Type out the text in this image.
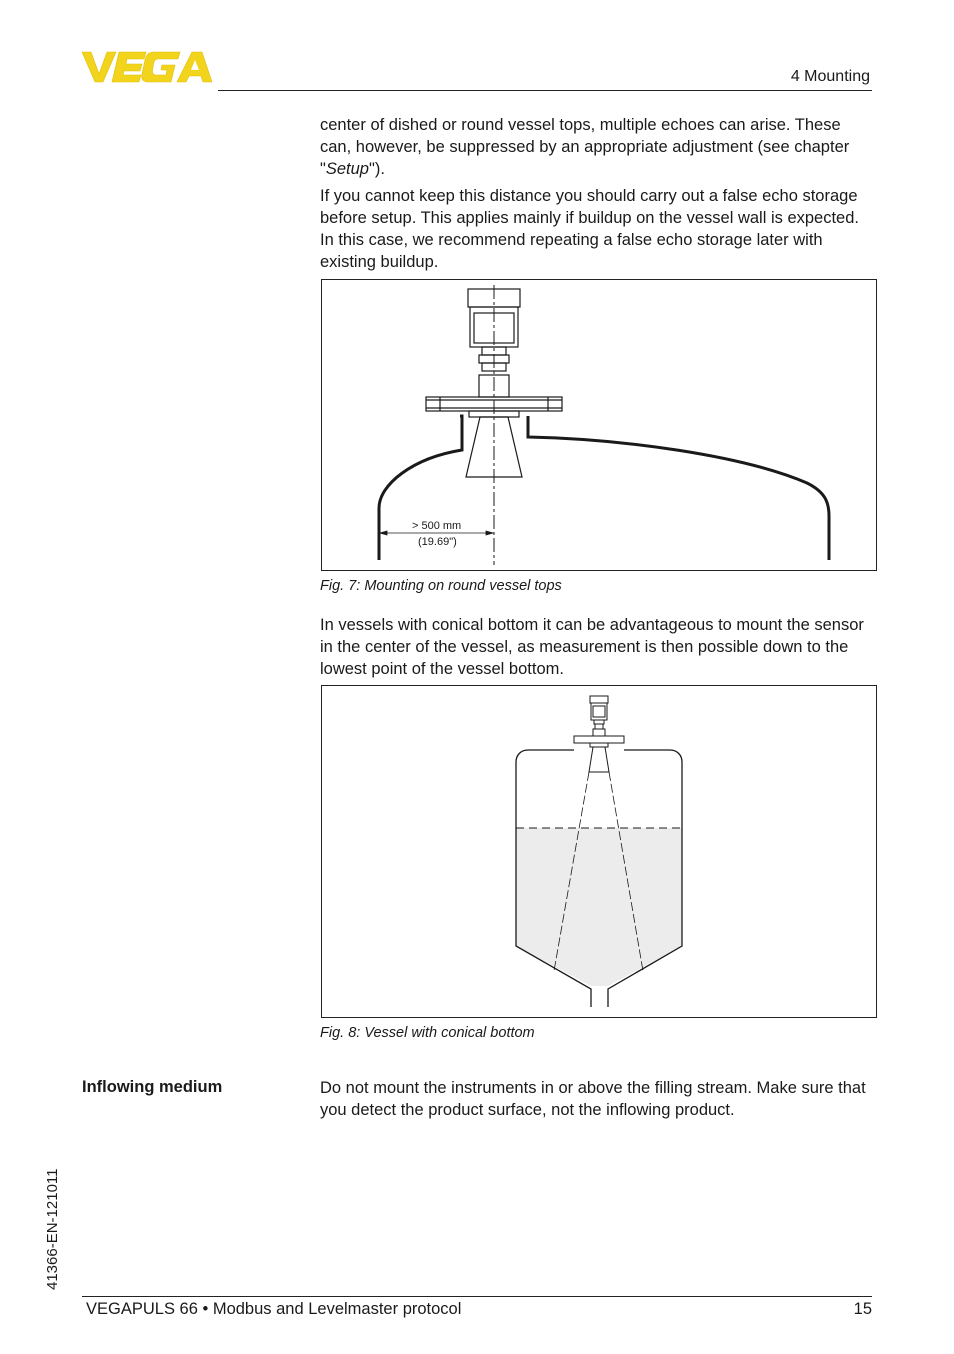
4 Mounting

center of dished or round vessel tops, multiple echoes can arise. These can, however, be suppressed by an appropriate adjustment (see chapter "Setup").

If you cannot keep this distance you should carry out a false echo storage before setup. This applies mainly if buildup on the vessel wall is expected. In this case, we recommend repeating a false echo storage later with existing buildup.

> 500 mm
(19.69")
Fig. 7: Mounting on round vessel tops

In vessels with conical bottom it can be advantageous to mount the sensor in the center of the vessel, as measurement is then possible down to the lowest point of the vessel bottom.

Fig. 8: Vessel with conical bottom
Inflowing medium	Do not mount the instruments in or above the filling stream. Make sure that you detect the product surface, not the inflowing product.

41366-EN-121011
VEGAPULS 66 • Modbus and Levelmaster protocol	15
